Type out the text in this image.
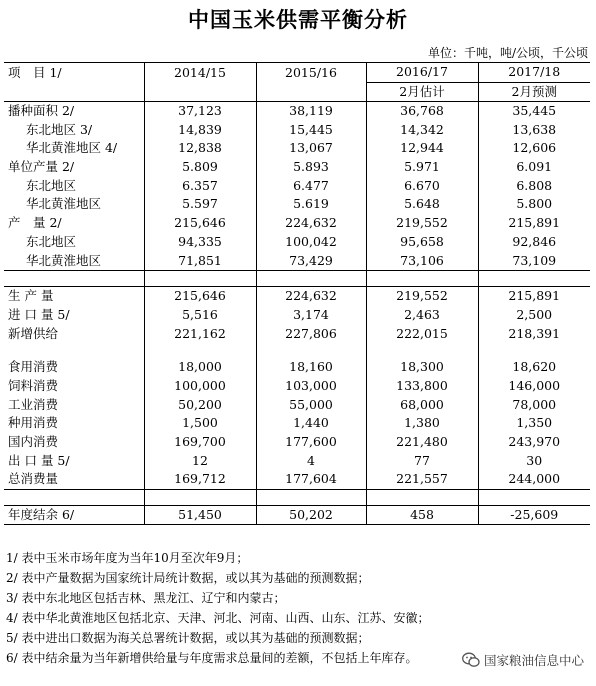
中国玉米供需平衡分析
单位：千吨，吨/公顷，千公顷
项　目 1/	2014/15	2015/16	2016/17	2017/18
			2月估计	2月预测
播种面积 2/	37,123	38,119	36,768	35,445
东北地区 3/	14,839	15,445	14,342	13,638
华北黄淮地区 4/	12,838	13,067	12,944	12,606
单位产量 2/	5.809	5.893	5.971	6.091
东北地区	6.357	6.477	6.670	6.808
华北黄淮地区	5.597	5.619	5.648	5.800
产　量 2/	215,646	224,632	219,552	215,891
东北地区	94,335	100,042	95,658	92,846
华北黄淮地区	71,851	73,429	73,106	73,109

生 产 量	215,646	224,632	219,552	215,891
进 口 量 5/	5,516	3,174	2,463	2,500
新增供给	221,162	227,806	222,015	218,391

食用消费	18,000	18,160	18,300	18,620
饲料消费	100,000	103,000	133,800	146,000
工业消费	50,200	55,000	68,000	78,000
种用消费	1,500	1,440	1,380	1,350
国内消费	169,700	177,600	221,480	243,970
出 口 量 5/	12	4	77	30
总消费量	169,712	177,604	221,557	244,000

年度结余 6/	51,450	50,202	458	-25,609
1/ 表中玉米市场年度为当年10月至次年9月；
2/ 表中产量数据为国家统计局统计数据，或以其为基础的预测数据；
3/ 表中东北地区包括吉林、黑龙江、辽宁和内蒙古；
4/ 表中华北黄淮地区包括北京、天津、河北、河南、山西、山东、江苏、安徽；
5/ 表中进出口数据为海关总署统计数据，或以其为基础的预测数据；
6/ 表中结余量为当年新增供给量与年度需求总量间的差额，不包括上年库存。	国家粮油信息中心
